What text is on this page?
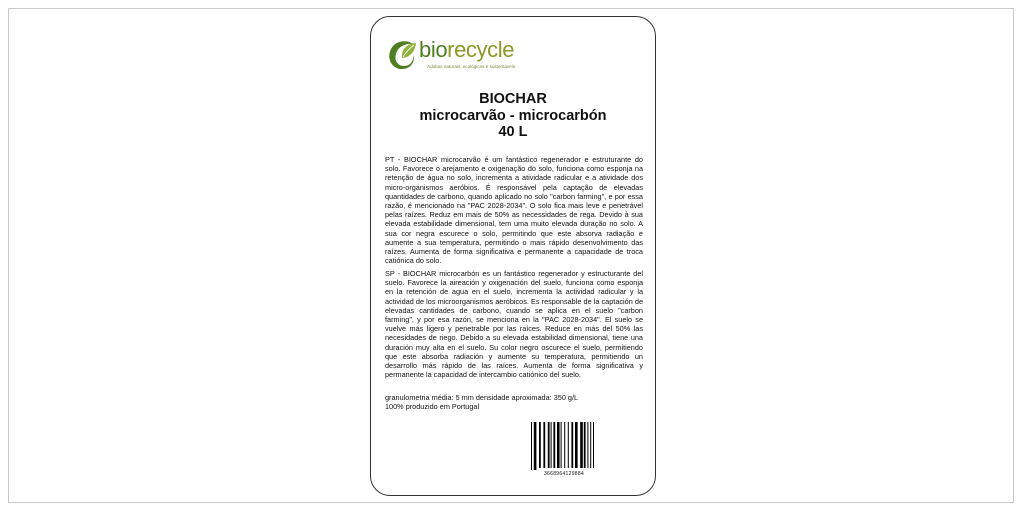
biorecycle
Adubos naturais, ecológicos e sustentáveis
BIOCHAR
microcarvão - microcarbón
40 L
PT - BIOCHAR microcarvão é um fantástico regenerador e estruturante do solo. Favorece o arejamento e oxigenação do solo, funciona como esponja na retenção de água no solo, incrementa a atividade radicular e a atividade dos micro-organismos aeróbios. É responsável pela captação de elevadas quantidades de carbono, quando aplicado no solo "carbon farming", e por essa razão, é mencionado na "PAC 2028-2034". O solo fica mais leve e penetrável pelas raízes. Reduz em mais de 50% as necessidades de rega. Devido à sua elevada estabilidade dimensional, tem uma muito elevada duração no solo. A sua cor negra escurece o solo, permitindo que este absorva radiação e aumente a sua temperatura, permitindo o mais rápido desenvolvimento das raízes. Aumenta de forma significativa e permanente a capacidade de troca catiónica do solo.
SP - BIOCHAR microcarbón es un fantástico regenerador y estructurante del suelo. Favorece la aireación y oxigenación del suelo, funciona como esponja en la retención de agua en el suelo, incrementa la actividad radicular y la actividad de los microorganismos aeróbicos. Es responsable de la captación de elevadas cantidades de carbono, cuando se aplica en el suelo "carbon farming", y por esa razón, se menciona en la "PAC 2028-2034". El suelo se vuelve más ligero y penetrable por las raíces. Reduce en más del 50% las necesidades de riego. Debido a su elevada estabilidad dimensional, tiene una duración muy alta en el suelo. Su color negro oscurece el suelo, permitiendo que este absorba radiación y aumente su temperatura, permitiendo un desarrollo más rápido de las raíces. Aumenta de forma significativa y permanente la capacidad de intercambio catiónico del suelo.
granulometria média: 5 mm densidade aproximada: 350 g/L
100% produzido em Portugal
3668964129884
